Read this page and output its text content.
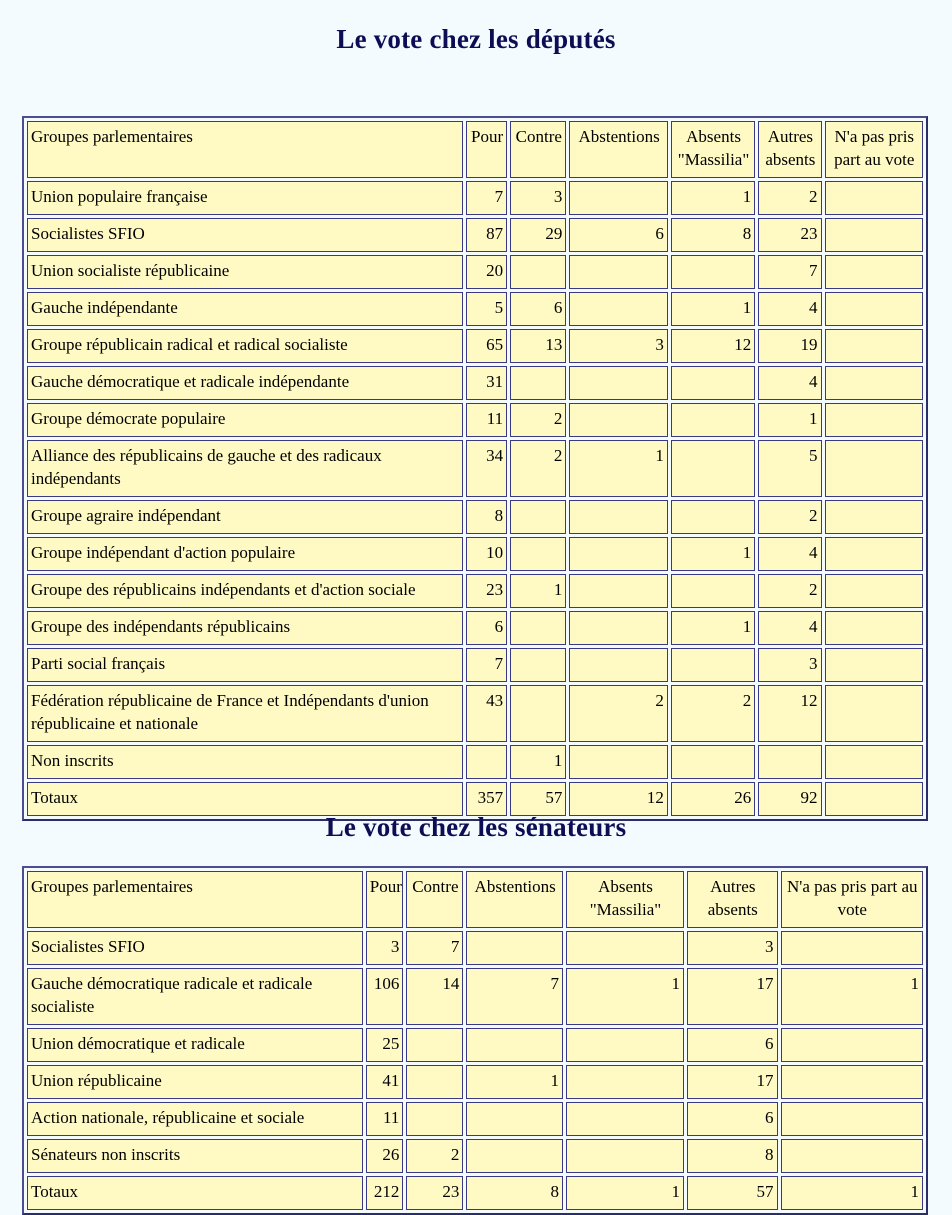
Le vote chez les députés
Groupes parlementaires	Pour	Contre	Abstentions	Absents "Massilia"	Autres absents	N'a pas pris part au vote
Union populaire française	7	3		1	2	
Socialistes SFIO	87	29	6	8	23	
Union socialiste républicaine	20				7	
Gauche indépendante	5	6		1	4	
Groupe républicain radical et radical socialiste	65	13	3	12	19	
Gauche démocratique et radicale indépendante	31				4	
Groupe démocrate populaire	11	2			1	
Alliance des républicains de gauche et des radicaux indépendants	34	2	1		5	
Groupe agraire indépendant	8				2	
Groupe indépendant d'action populaire	10			1	4	
Groupe des républicains indépendants et d'action sociale	23	1			2	
Groupe des indépendants républicains	6			1	4	
Parti social français	7				3	
Fédération républicaine de France et Indépendants d'union républicaine et nationale	43		2	2	12	
Non inscrits		1				
Totaux	357	57	12	26	92	
Le vote chez les sénateurs
Groupes parlementaires	Pour	Contre	Abstentions	Absents "Massilia"	Autres absents	N'a pas pris part au vote
Socialistes SFIO	3	7			3	
Gauche démocratique radicale et radicale socialiste	106	14	7	1	17	1
Union démocratique et radicale	25				6	
Union républicaine	41		1		17	
Action nationale, républicaine et sociale	11				6	
Sénateurs non inscrits	26	2			8	
Totaux	212	23	8	1	57	1
